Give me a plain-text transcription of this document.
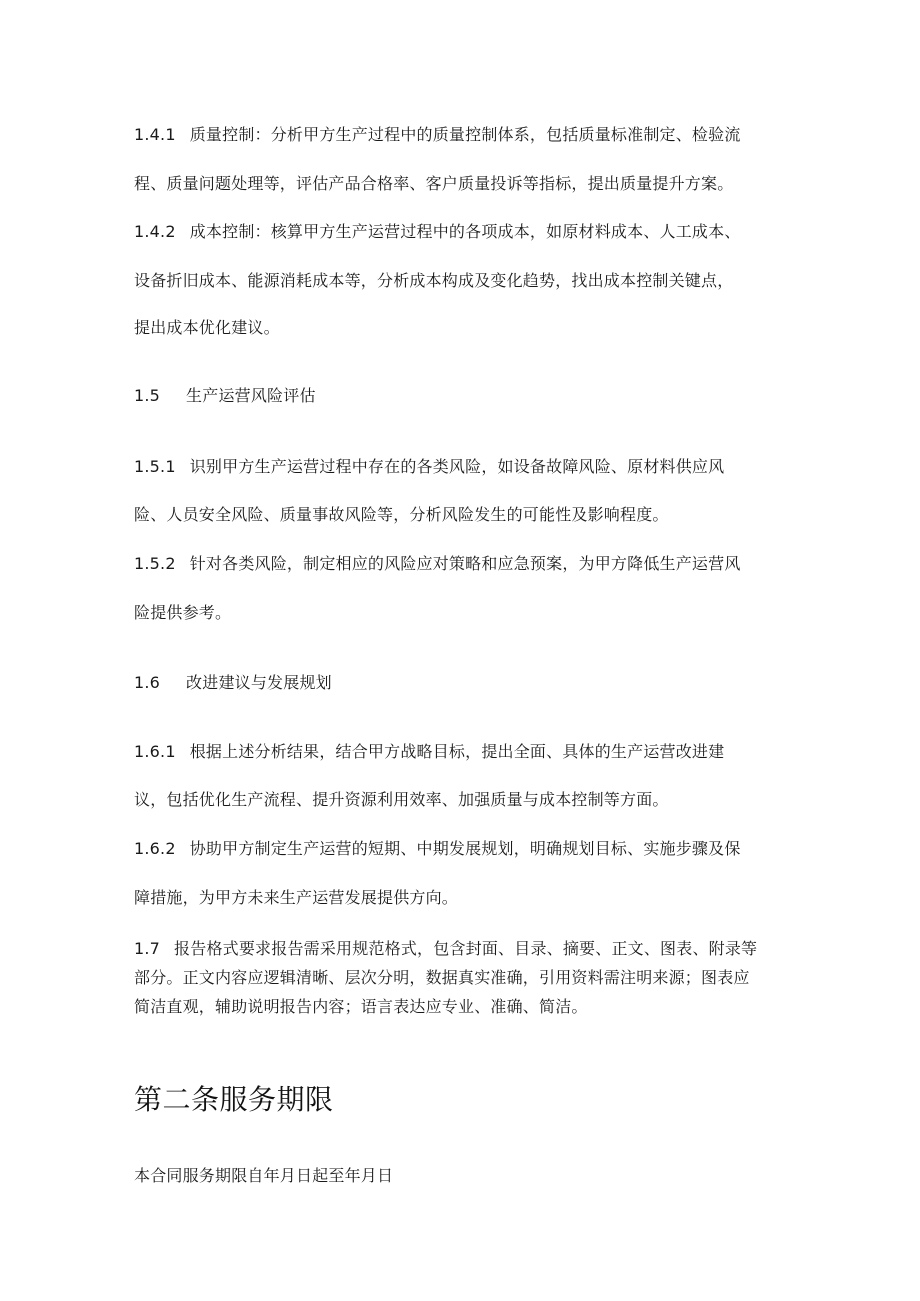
1.4.1 质量控制：分析甲方生产过程中的质量控制体系，包括质量标准制定、检验流
程、质量问题处理等，评估产品合格率、客户质量投诉等指标，提出质量提升方案。
1.4.2 成本控制：核算甲方生产运营过程中的各项成本，如原材料成本、人工成本、
设备折旧成本、能源消耗成本等，分析成本构成及变化趋势，找出成本控制关键点，
提出成本优化建议。
1.5 生产运营风险评估
1.5.1 识别甲方生产运营过程中存在的各类风险，如设备故障风险、原材料供应风
险、人员安全风险、质量事故风险等，分析风险发生的可能性及影响程度。
1.5.2 针对各类风险，制定相应的风险应对策略和应急预案，为甲方降低生产运营风
险提供参考。
1.6 改进建议与发展规划
1.6.1 根据上述分析结果，结合甲方战略目标，提出全面、具体的生产运营改进建
议，包括优化生产流程、提升资源利用效率、加强质量与成本控制等方面。
1.6.2 协助甲方制定生产运营的短期、中期发展规划，明确规划目标、实施步骤及保
障措施，为甲方未来生产运营发展提供方向。
1.7 报告格式要求报告需采用规范格式，包含封面、目录、摘要、正文、图表、附录等
部分。正文内容应逻辑清晰、层次分明，数据真实准确，引用资料需注明来源；图表应
简洁直观，辅助说明报告内容；语言表达应专业、准确、简洁。
第二条服务期限
本合同服务期限自年月日起至年月日
